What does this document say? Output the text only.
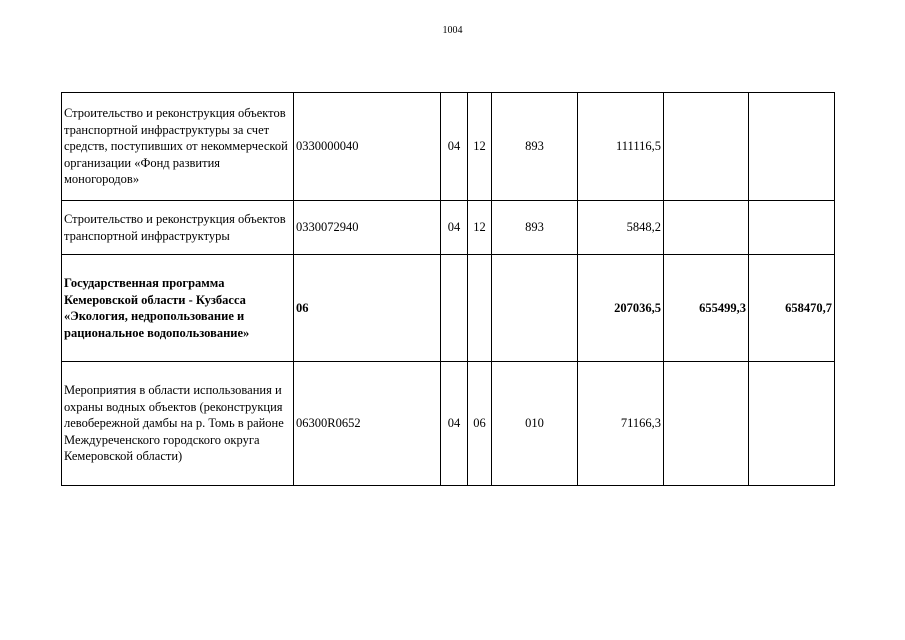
1004
Строительство и реконструкция объектов транспортной инфраструктуры за счет средств, поступивших от некоммерческой организации «Фонд развития моногородов»	0330000040	04	12	893	111116,5		
Строительство и реконструкция объектов транспортной инфраструктуры	0330072940	04	12	893	5848,2		
Государственная программа Кемеровской области - Кузбасса «Экология, недропользование и рациональное водопользование»	06				207036,5	655499,3	658470,7
Мероприятия в области использования и охраны водных объектов (реконструкция левобережной дамбы на р. Томь в районе Междуреченского городского округа Кемеровской области)	06300R0652	04	06	010	71166,3		
